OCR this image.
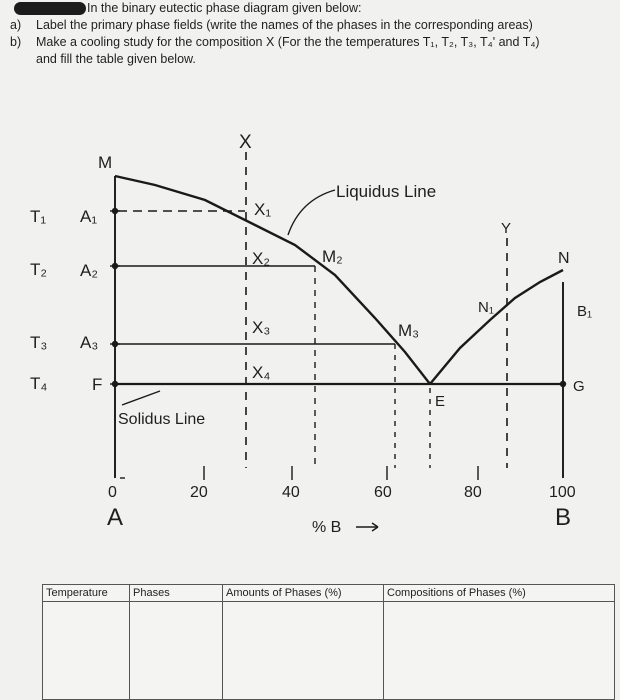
In the binary eutectic phase diagram given below:
a)	Label the primary phase fields (write the names of the phases in the corresponding areas)
b)	Make a cooling study for the composition X (For the the temperatures T₁, T₂, T₃, T₄' and T₄)
and fill the table given below.
T₁
T₂
T₃
T₄
A₁
A₂
A₃
F
M
X
Y
N
Liquidus Line
X₁
X₂
X₃
X₄
M₂
M₃
N₁	B₁
G
E
Solidus Line
0	20	40	60	80	100
A	B
% B
Temperature	Phases	Amounts of Phases (%)	Compositions of Phases (%)
